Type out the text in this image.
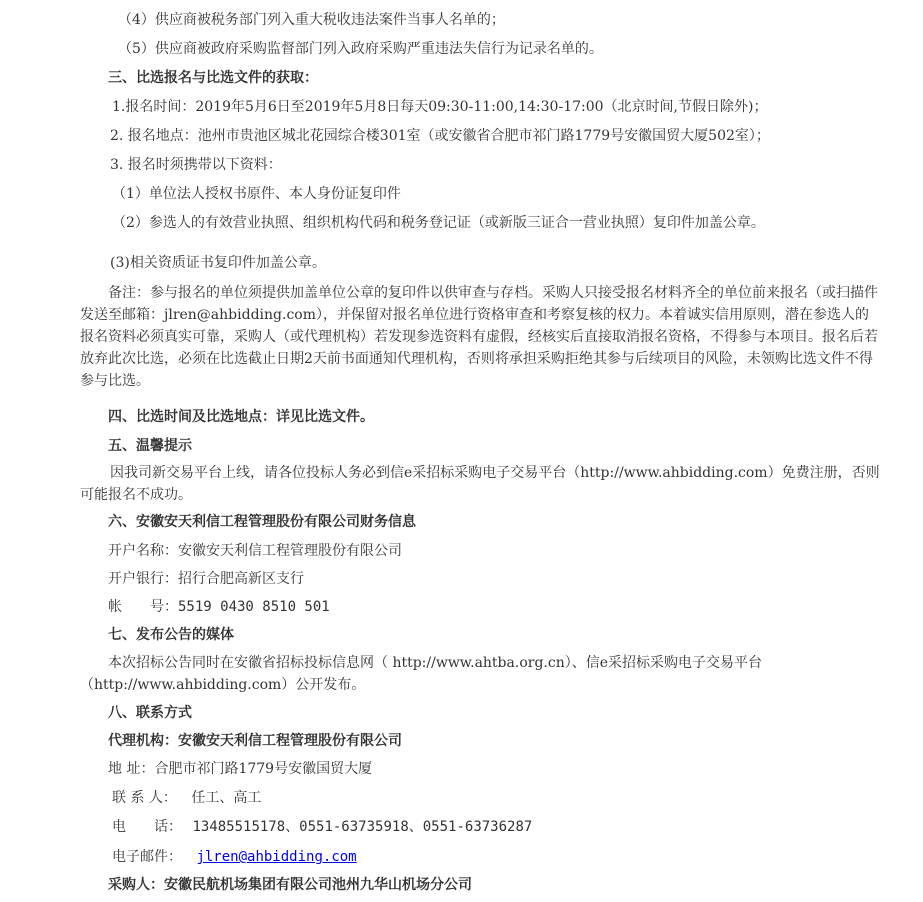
（4）供应商被税务部门列入重大税收违法案件当事人名单的；
（5）供应商被政府采购监督部门列入政府采购严重违法失信行为记录名单的。
三、比选报名与比选文件的获取：
1.报名时间：2019年5月6日至2019年5月8日每天09:30-11:00,14:30-17:00（北京时间,节假日除外)；
2. 报名地点：池州市贵池区城北花园综合楼301室（或安徽省合肥市祁门路1779号安徽国贸大厦502室）；
3. 报名时须携带以下资料：
（1）单位法人授权书原件、本人身份证复印件
（2）参选人的有效营业执照、组织机构代码和税务登记证（或新版三证合一营业执照）复印件加盖公章。
(3)相关资质证书复印件加盖公章。
备注：参与报名的单位须提供加盖单位公章的复印件以供审查与存档。采购人只接受报名材料齐全的单位前来报名（或扫描件发送至邮箱：jlren@ahbidding.com），并保留对报名单位进行资格审查和考察复核的权力。本着诚实信用原则，潜在参选人的报名资料必须真实可靠，采购人（或代理机构）若发现参选资料有虚假，经核实后直接取消报名资格，不得参与本项目。报名后若放弃此次比选，必须在比选截止日期2天前书面通知代理机构，否则将承担采购拒绝其参与后续项目的风险，未领购比选文件不得参与比选。
四、比选时间及比选地点：详见比选文件。
五、温馨提示
因我司新交易平台上线，请各位投标人务必到信e采招标采购电子交易平台（http://www.ahbidding.com）免费注册，否则可能报名不成功。
六、安徽安天利信工程管理股份有限公司财务信息
开户名称：安徽安天利信工程管理股份有限公司
开户银行：招行合肥高新区支行
帐　　号：5519 0430 8510 501
七、发布公告的媒体
本次招标公告同时在安徽省招标投标信息网（ http://www.ahtba.org.cn）、信e采招标采购电子交易平台（http://www.ahbidding.com）公开发布。
八、联系方式
代理机构：安徽安天利信工程管理股份有限公司
地 址：合肥市祁门路1779号安徽国贸大厦
联 系 人： 任工、高工
电　　话： 13485515178、0551-63735918、0551-63736287
电子邮件： jlren@ahbidding.com
采购人：安徽民航机场集团有限公司池州九华山机场分公司
